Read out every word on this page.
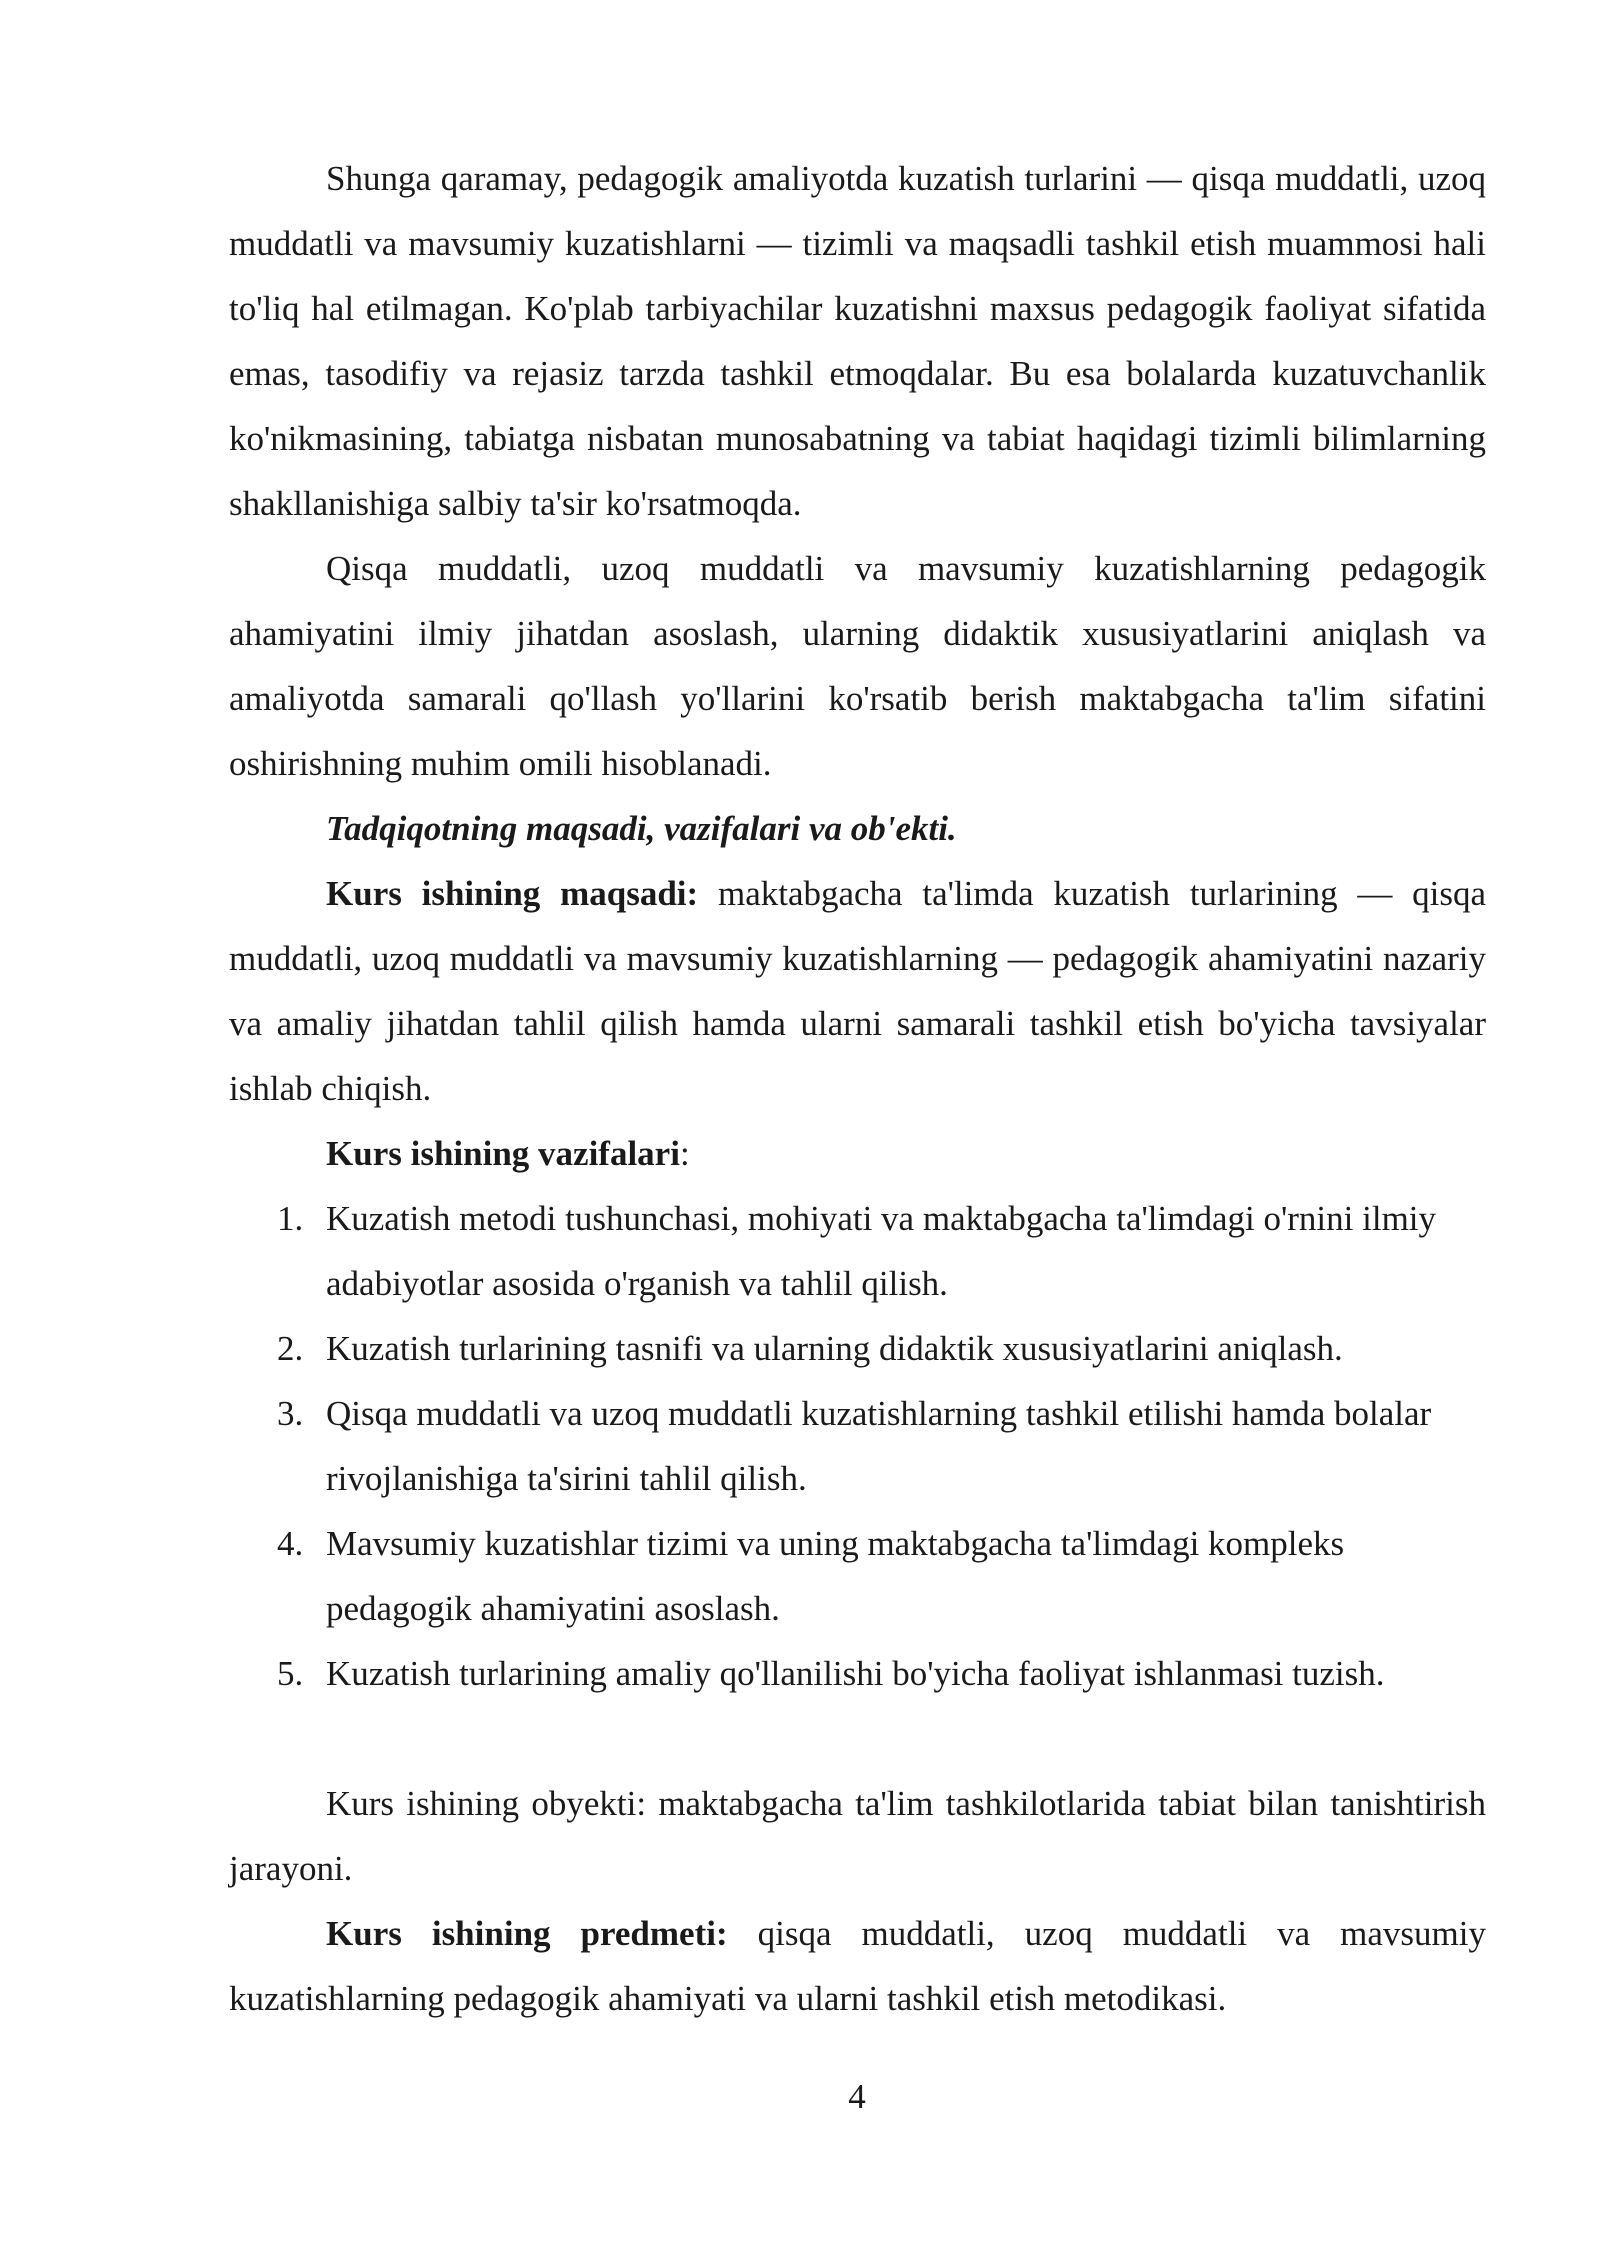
Shunga qaramay, pedagogik amaliyotda kuzatish turlarini — qisqa muddatli, uzoq muddatli va mavsumiy kuzatishlarni — tizimli va maqsadli tashkil etish muammosi hali to'liq hal etilmagan. Ko'plab tarbiyachilar kuzatishni maxsus pedagogik faoliyat sifatida emas, tasodifiy va rejasiz tarzda tashkil etmoqdalar. Bu esa bolalarda kuzatuvchanlik ko'nikmasining, tabiatga nisbatan munosabatning va tabiat haqidagi tizimli bilimlarning shakllanishiga salbiy ta'sir ko'rsatmoqda.

Qisqa muddatli, uzoq muddatli va mavsumiy kuzatishlarning pedagogik ahamiyatini ilmiy jihatdan asoslash, ularning didaktik xususiyatlarini aniqlash va amaliyotda samarali qo'llash yo'llarini ko'rsatib berish maktabgacha ta'lim sifatini oshirishning muhim omili hisoblanadi.

Tadqiqotning maqsadi, vazifalari va ob'ekti.

Kurs ishining maqsadi: maktabgacha ta'limda kuzatish turlarining — qisqa muddatli, uzoq muddatli va mavsumiy kuzatishlarning — pedagogik ahamiyatini nazariy va amaliy jihatdan tahlil qilish hamda ularni samarali tashkil etish bo'yicha tavsiyalar ishlab chiqish.

Kurs ishining vazifalari:

1. Kuzatish metodi tushunchasi, mohiyati va maktabgacha ta'limdagi o'rnini ilmiy adabiyotlar asosida o'rganish va tahlil qilish.
2. Kuzatish turlarining tasnifi va ularning didaktik xususiyatlarini aniqlash.
3. Qisqa muddatli va uzoq muddatli kuzatishlarning tashkil etilishi hamda bolalar rivojlanishiga ta'sirini tahlil qilish.
4. Mavsumiy kuzatishlar tizimi va uning maktabgacha ta'limdagi kompleks pedagogik ahamiyatini asoslash.
5. Kuzatish turlarining amaliy qo'llanilishi bo'yicha faoliyat ishlanmasi tuzish.

Kurs ishining obyekti: maktabgacha ta'lim tashkilotlarida tabiat bilan tanishtirish jarayoni.

Kurs ishining predmeti: qisqa muddatli, uzoq muddatli va mavsumiy kuzatishlarning pedagogik ahamiyati va ularni tashkil etish metodikasi.

4
